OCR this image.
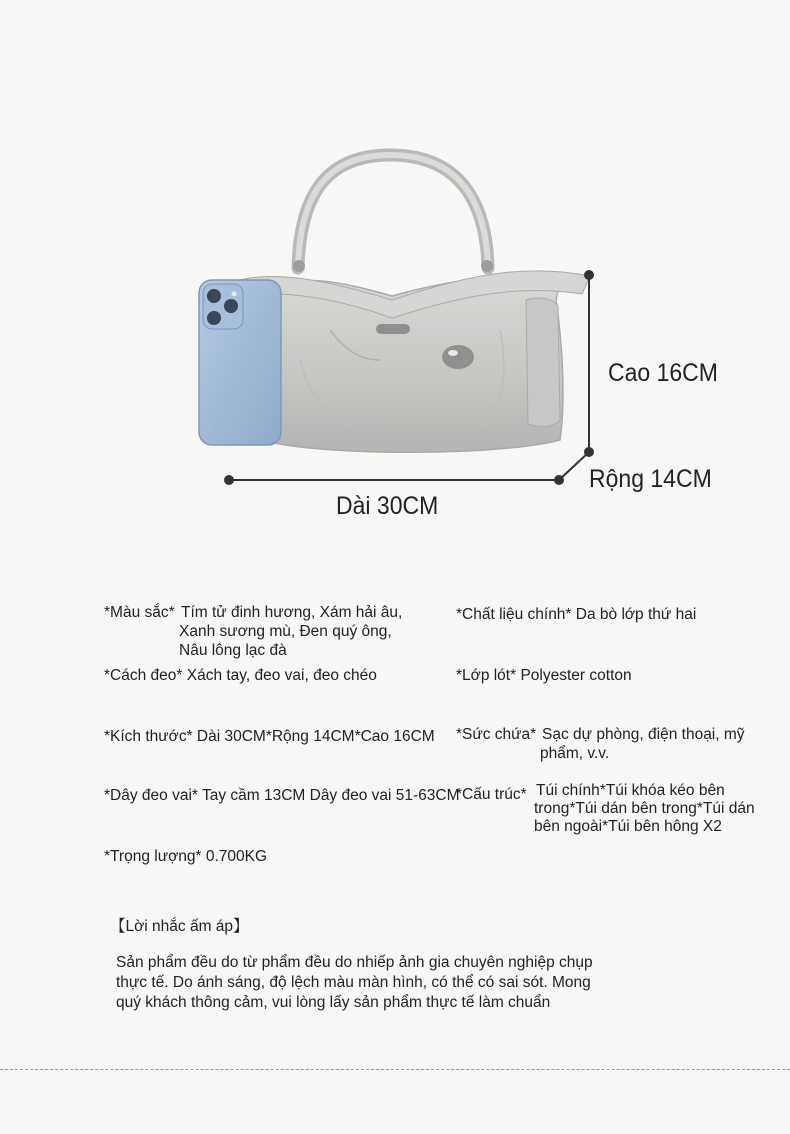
Cao 16CM
Rộng 14CM
Dài 30CM
*Màu sắc* Tím tử đinh hương, Xám hải âu,
Xanh sương mù, Đen quý ông,
Nâu lông lạc đà
*Cách đeo* Xách tay, đeo vai, đeo chéo
*Kích thước* Dài 30CM*Rộng 14CM*Cao 16CM
*Dây đeo vai* Tay cầm 13CM Dây đeo vai 51-63CM
*Trọng lượng* 0.700KG
*Chất liệu chính* Da bò lớp thứ hai
*Lớp lót* Polyester cotton
*Sức chứa* Sạc dự phòng, điện thoại, mỹ
phẩm, v.v.
*Cấu trúc* Túi chính*Túi khóa kéo bên
trong*Túi dán bên trong*Túi dán
bên ngoài*Túi bên hông X2
【Lời nhắc ấm áp】
Sản phẩm đều do từ phẩm đều do nhiếp ảnh gia chuyên nghiệp chụp
thực tế. Do ánh sáng, độ lệch màu màn hình, có thể có sai sót. Mong
quý khách thông cảm, vui lòng lấy sản phẩm thực tế làm chuẩn
